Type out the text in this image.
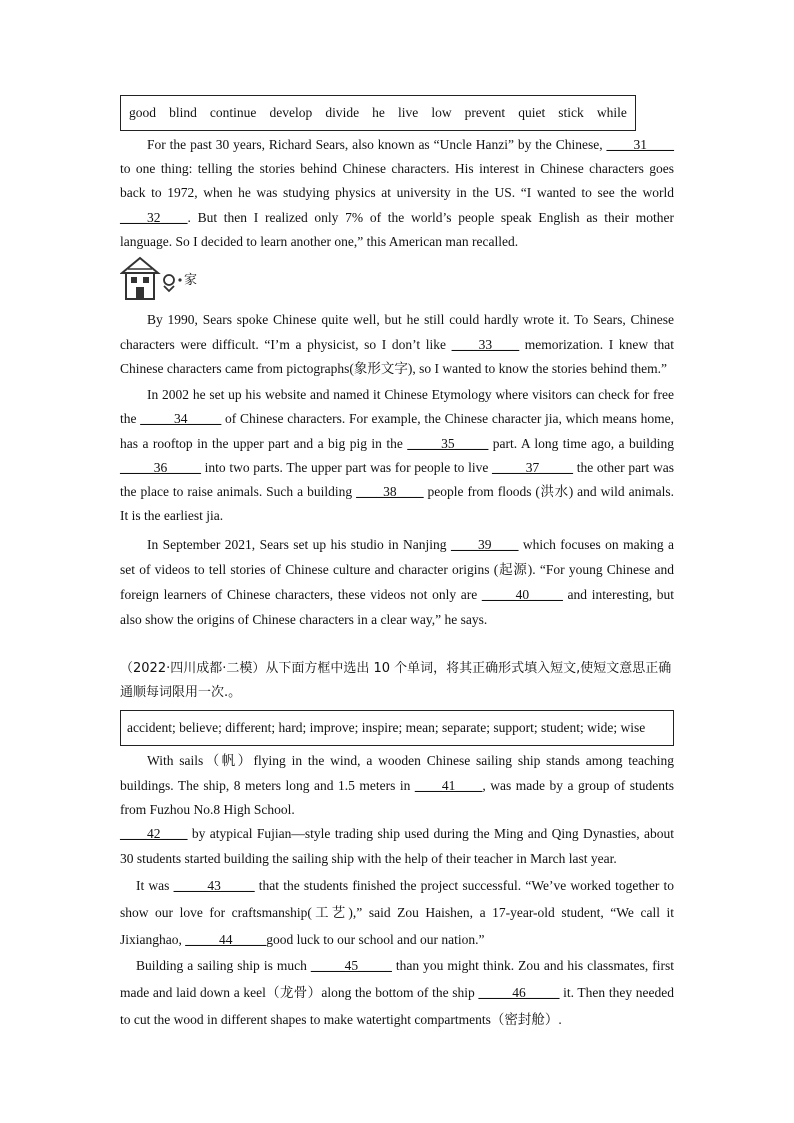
good blind continue develop divide he live low prevent quiet stick while

For the past 30 years, Richard Sears, also known as “Uncle Hanzi” by the Chinese, ____31____ to one thing: telling the stories behind Chinese characters. His interest in Chinese characters goes back to 1972, when he was studying physics at university in the US. “I wanted to see the world ____32____. But then I realized only 7% of the world’s people speak English as their mother language. So I decided to learn another one,” this American man recalled.

家

By 1990, Sears spoke Chinese quite well, but he still could hardly wrote it. To Sears, Chinese characters were difficult. “I’m a physicist, so I don’t like ____33____ memorization. I knew that Chinese characters came from pictographs(象形文字), so I wanted to know the stories behind them.”

In 2002 he set up his website and named it Chinese Etymology where visitors can check for free the _____34_____ of Chinese characters. For example, the Chinese character jia, which means home, has a rooftop in the upper part and a big pig in the _____35_____ part. A long time ago, a building _____36_____ into two parts. The upper part was for people to live _____37_____ the other part was the place to raise animals. Such a building ____38____ people from floods (洪水) and wild animals. It is the earliest jia.

In September 2021, Sears set up his studio in Nanjing ____39____ which focuses on making a set of videos to tell stories of Chinese culture and character origins (起源). “For young Chinese and foreign learners of Chinese characters, these videos not only are _____40_____ and interesting, but also show the origins of Chinese characters in a clear way,” he says.

（2022·四川成都·二模）从下面方框中选出 10 个单词，将其正确形式填入短文,使短文意思正确通顺每词限用一次.。

accident; believe; different; hard; improve; inspire; mean; separate; support; student; wide; wise

With sails（帆）flying in the wind, a wooden Chinese sailing ship stands among teaching buildings. The ship, 8 meters long and 1.5 meters in ____41____, was made by a group of students from Fuzhou No.8 High School.

____42____ by atypical Fujian—style trading ship used during the Ming and Qing Dynasties, about 30 students started building the sailing ship with the help of their teacher in March last year.

It was _____43_____ that the students finished the project successful. “We’ve worked together to show our love for craftsmanship(工艺),” said Zou Haishen, a 17-year-old student, “We call it Jixianghao, _____44_____good luck to our school and our nation.”

Building a sailing ship is much _____45_____ than you might think. Zou and his classmates, first made and laid down a keel（龙骨）along the bottom of the ship _____46_____ it. Then they needed to cut the wood in different shapes to make watertight compartments（密封舱）.
